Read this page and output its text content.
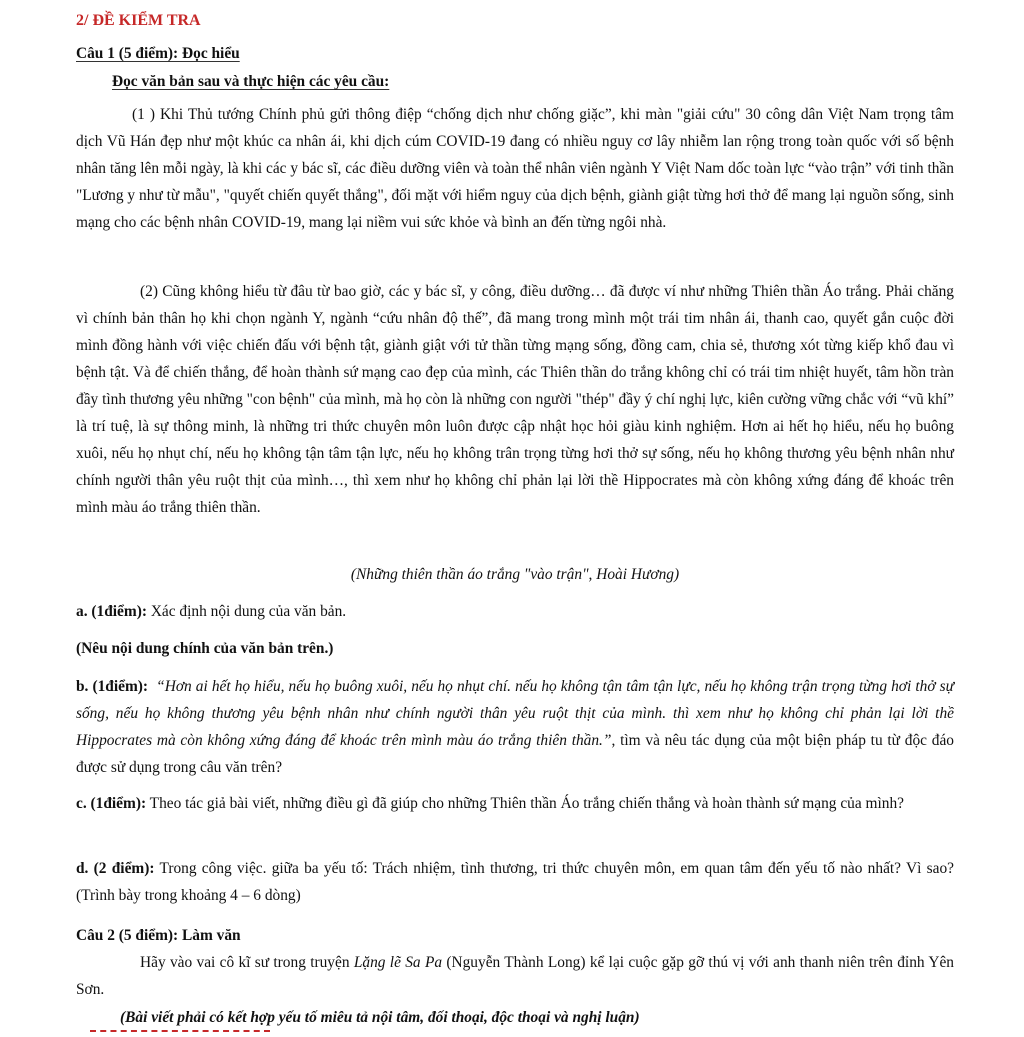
2/ ĐỀ KIỂM TRA
Câu 1 (5 điểm): Đọc hiểu
Đọc văn bản sau và thực hiện các yêu cầu:
(1 ) Khi Thủ tướng Chính phủ gửi thông điệp “chống dịch như chống giặc”, khi màn "giải cứu" 30 công dân Việt Nam trọng tâm dịch Vũ Hán đẹp như một khúc ca nhân ái, khi dịch cúm COVID-19 đang có nhiều nguy cơ lây nhiễm lan rộng trong toàn quốc với số bệnh nhân tăng lên mỗi ngày, là khi các y bác sĩ, các điều dưỡng viên và toàn thể nhân viên ngành Y Việt Nam dốc toàn lực “vào trận” với tinh thần "Lương y như từ mẫu", "quyết chiến quyết thắng", đối mặt với hiểm nguy của dịch bệnh, giành giật từng hơi thở để mang lại nguồn sống, sinh mạng cho các bệnh nhân COVID-19, mang lại niềm vui sức khỏe và bình an đến từng ngôi nhà.
(2) Cũng không hiểu từ đâu từ bao giờ, các y bác sĩ, y công, điều dưỡng… đã được ví như những Thiên thần Áo trắng. Phải chăng vì chính bản thân họ khi chọn ngành Y, ngành “cứu nhân độ thế”, đã mang trong mình một trái tim nhân ái, thanh cao, quyết gắn cuộc đời mình đồng hành với việc chiến đấu với bệnh tật, giành giật với tử thần từng mạng sống, đồng cam, chia sẻ, thương xót từng kiếp khổ đau vì bệnh tật. Và để chiến thắng, để hoàn thành sứ mạng cao đẹp của mình, các Thiên thần do trắng không chỉ có trái tim nhiệt huyết, tâm hồn tràn đầy tình thương yêu những "con bệnh" của mình, mà họ còn là những con người "thép" đầy ý chí nghị lực, kiên cường vững chắc với “vũ khí” là trí tuệ, là sự thông minh, là những tri thức chuyên môn luôn được cập nhật học hỏi giàu kinh nghiệm. Hơn ai hết họ hiểu, nếu họ buông xuôi, nếu họ nhụt chí, nếu họ không tận tâm tận lực, nếu họ không trân trọng từng hơi thở sự sống, nếu họ không thương yêu bệnh nhân như chính người thân yêu ruột thịt của mình…, thì xem như họ không chỉ phản lại lời thề Hippocrates mà còn không xứng đáng để khoác trên mình màu áo trắng thiên thần.
(Những thiên thần áo trắng "vào trận", Hoài Hương)
a. (1điểm): Xác định nội dung của văn bản.
(Nêu nội dung chính của văn bản trên.)
b. (1điểm): “Hơn ai hết họ hiểu, nếu họ buông xuôi, nếu họ nhụt chí. nếu họ không tận tâm tận lực, nếu họ không trận trọng từng hơi thở sự sống, nếu họ không thương yêu bệnh nhân như chính người thân yêu ruột thịt của mình. thì xem như họ không chỉ phản lại lời thề Hippocrates mà còn không xứng đáng để khoác trên mình màu áo trắng thiên thần.”, tìm và nêu tác dụng của một biện pháp tu từ độc đáo được sử dụng trong câu văn trên?
c. (1điểm): Theo tác giả bài viết, những điều gì đã giúp cho những Thiên thần Áo trắng chiến thắng và hoàn thành sứ mạng của mình?
d. (2 điểm): Trong công việc. giữa ba yếu tố: Trách nhiệm, tình thương, tri thức chuyên môn, em quan tâm đến yếu tố nào nhất? Vì sao? (Trình bày trong khoảng 4 – 6 dòng)
Câu 2 (5 điểm): Làm văn
Hãy vào vai cô kĩ sư trong truyện Lặng lẽ Sa Pa (Nguyễn Thành Long) kể lại cuộc gặp gỡ thú vị với anh thanh niên trên đỉnh Yên Sơn.
(Bài viết phải có kết hợp yếu tố miêu tả nội tâm, đối thoại, độc thoại và nghị luận)
